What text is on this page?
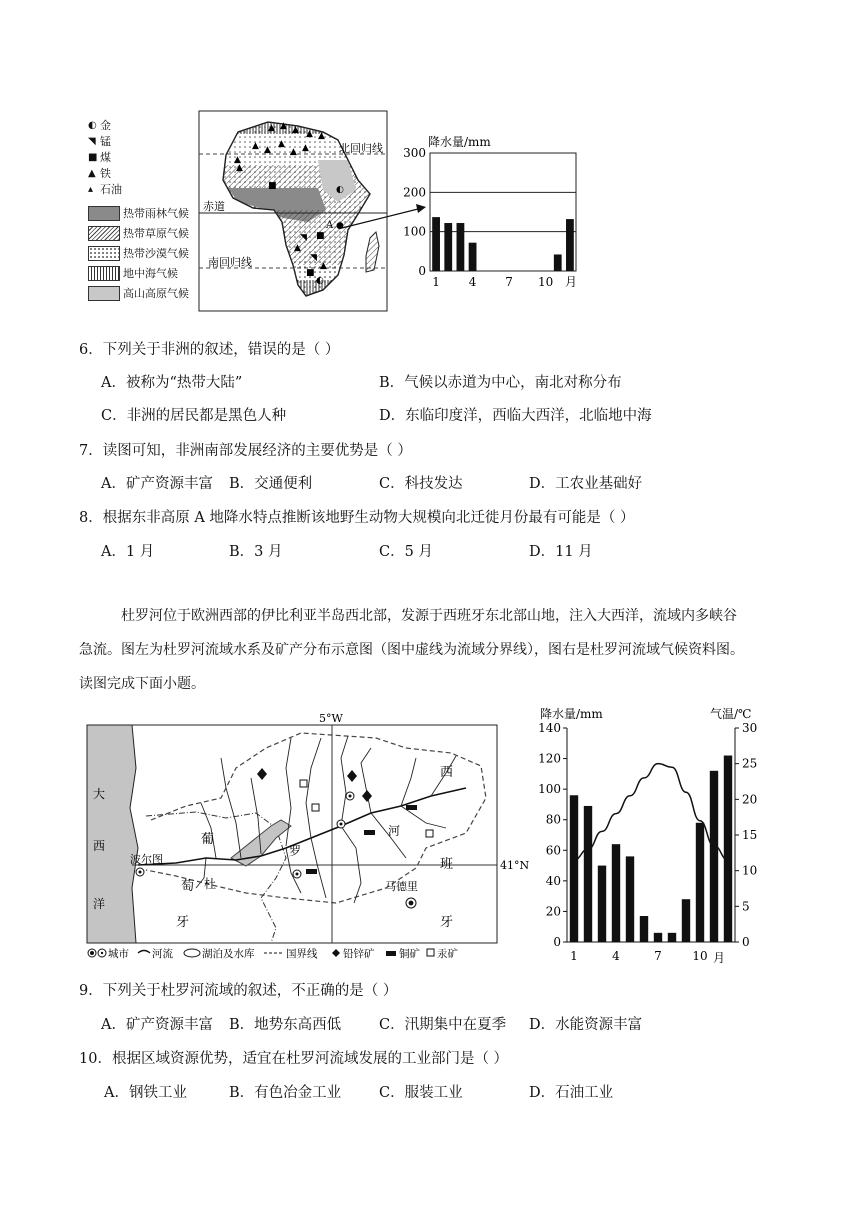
◐ 金
◥ 锰
■ 煤
▲ 铁
▴ 石油
热带雨林气候
热带草原气候
热带沙漠气候
地中海气候
高山高原气候
北回归线
赤道
南回归线
▲ ▲ ▲ ▲ ▲
▲ ▲
▲
▲ ▲
▲
▲
■	◐
●
◥ ■
▲
◥
▲
■
◐
A
降水量/mm
0
100
200
300
1 4 7 10 月
6．下列关于非洲的叙述，错误的是（ ）
A．被称为“热带大陆”	B．气候以赤道为中心，南北对称分布
C．非洲的居民都是黑色人种	D．东临印度洋，西临大西洋，北临地中海
7．读图可知，非洲南部发展经济的主要优势是（ ）
A．矿产资源丰富 B．交通便利	C．科技发达	D．工农业基础好
8．根据东非高原 A 地降水特点推断该地野生动物大规模向北迁徙月份最有可能是（ ）
A．1 月	B．3 月	C．5 月	D．11 月
杜罗河位于欧洲西部的伊比利亚半岛西北部，发源于西班牙东北部山地，注入大西洋，流域内多峡谷
急流。图左为杜罗河流域水系及矿产分布示意图（图中虚线为流域分界线），图右是杜罗河流域气候资料图。
读图完成下面小题。
5°W
大
西
洋
41°N
西
班
牙
葡
萄
牙
杜
罗
河
波尔图
马德里
城市 河流	湖泊及水库	国界线 铅锌矿 铜矿 汞矿
降水量/mm	气温/℃
0
20
40
60
80
100
120
140
0
5
10
15
20
25
30
1	4	7	10 月
9．下列关于杜罗河流域的叙述，不正确的是（ ）
A．矿产资源丰富 B．地势东高西低	C．汛期集中在夏季 D．水能资源丰富
10．根据区域资源优势，适宜在杜罗河流域发展的工业部门是（ ）
A．钢铁工业	B．有色冶金工业	C．服装工业	D．石油工业
